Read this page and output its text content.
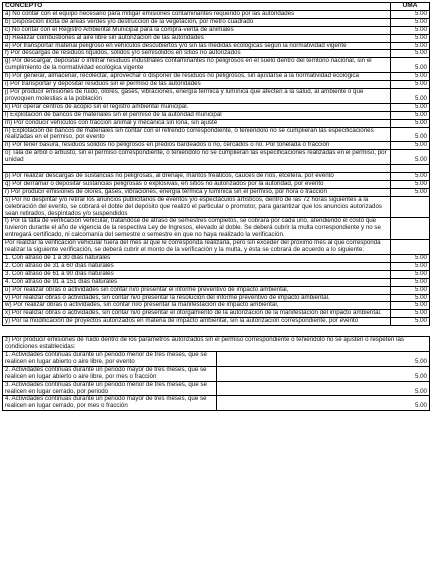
CONCEPTO	UMA
a) No contar con el equipo necesario para mitigar emisiones contaminantes requerido por las autoridades	5.00
b) Disposición ilícita de áreas verdes y/o destrucción de la vegetación, por metro cuadrado	5.00
c) No contar con el Registro Ambiental Municipal para la compra-venta de animales	5.00
d) Realizar combustiones al aire libre sin autorización de las autoridades	5.00
e) Por transportar material peligroso en vehículos descubiertos y/o sin las medidas ecológicas según la normatividad vigente	5.00
f) Por descargas de residuos líquidos, sólidos y/o semisólidos en sitios no autorizados	5.00
g) Por descargar, depositar o infiltrar residuos industriales contaminantes no peligrosos en el suelo dentro del territorio nacional, sin el cumplimiento de la normatividad ecológica vigente	5.00
h) Por generar, almacenar, recolectar, aprovechar o disponer de residuos no peligrosos, sin ajustarse a la normatividad ecológica	5.00
i) Por transportar y depositar residuos sin el permiso de las autoridades	5.00
j) Por producir emisiones de ruido, olores, gases, vibraciones, energía térmica y lumínica que afecten a la salud, al ambiente o que provoquen molestias a la población	5.00
k) Por operar centros de acopio sin el registro ambiental municipal.	5.00
l) Explotación de bancos de materiales sin el permiso de la autoridad municipal	5.00
m) Por conducir vehículos con tracción animal y mecánica sin lona, sin ajuste	5.00
n) Explotación de bancos de materiales sin contar con el refrendo correspondiente, o teniéndolo no se cumplieran las especificaciones realizadas en el permiso, por evento	5.00
ñ) Por tener basura, residuos sólidos no peligrosos en predios bardeados o no, cercados o no. Por tonelada o fracción	5.00
o) Tala de árbol o arbusto, sin el permiso correspondiente, o teniéndolo no se cumplieran las especificaciones realizadas en el permiso, por unidad	5.00

p) Por realizar descargas de sustancias no peligrosas, al drenaje, mantos freáticos, cauces de ríos, etcétera, por evento	5.00
q) Por derramar o depositar sustancias peligrosas o explosivas, en sitios no autorizados por la autoridad, por evento	5.00
r) Por producir emisiones de olores, gases, vibraciones, energía térmica y lumínica sin el permiso, por hora o fracción	5.00
s) Por no despintar y/o retirar los anuncios publicitarios de eventos y/o espectáculos artísticos, dentro de las 72 horas siguientes a la celebración del evento, se cobrará el doble del depósito que realizó el particular o promotor, para garantizar que los anuncios autorizados sean retirados, despintados y/o suspendidos	
t) Por la falta de verificación vehicular, tratándose de atraso de semestres completos, se cobrará por cada uno, atendiendo el costo que tuvieron durante el año de vigencia de la respectiva Ley de Ingresos, elevado al doble. Se deberá cubrir la multa correspondiente y no se entregará certificado, ni calcomanía del semestre o semestre en que no haya realizado la verificación.	
Por realizar la verificación vehicular fuera del mes al que le corresponda realizarla, pero sin exceder del próximo mes al que corresponda realizar la siguiente verificación, se deberá cubrir el monto de la verificación y la multa, y ésta se cobrará de acuerdo a lo siguiente:	
1. Con atraso de 1 a 30 días naturales	5.00
2. Con atraso de 31 a 60 días naturales	5.00
3. Con atraso de 61 a 90 días naturales	5.00
4. Con atraso de 91 a 151 días naturales	5.00
u) Por realizar obras o actividades sin contar ni/o presentar el informe preventivo de impacto ambiental,	5.00
v) Por realizar obras o actividades, sin contar ni/o presentar la resolución del informe preventivo de impacto ambiental.	5.00
w) Por realizar obras o actividades, sin contar ni/o presentar la manifestación de impacto ambiental,	5.00
x) Por realizar obras o actividades, sin contar ni/o presentar el otorgamiento de la autorización de la manifestación del impacto ambiental.	5.00
y) Por la modificación de proyectos autorizados en materia de impacto ambiental, sin la autorización correspondiente, por evento	5.00
z) Por producir emisiones de ruido dentro de los parámetros autorizados sin el permiso correspondiente o teniéndolo no se ajusten o respeten las condiciones establecidas:	
1. Actividades continuas durante un periodo menor de tres meses, que se realicen en lugar abierto o aire libre, por evento	5.00
2. Actividades continuas durante un periodo mayor de tres meses, que se realicen en lugar abierto o aire libre, por mes o fracción	5.00
3. Actividades continuas durante un periodo menor de tres meses, que se realicen en lugar cerrado, por periodo	5.00
4. Actividades continuas durante un periodo mayor de tres meses, que se realicen en lugar cerrado, por mes o fracción	5.00
